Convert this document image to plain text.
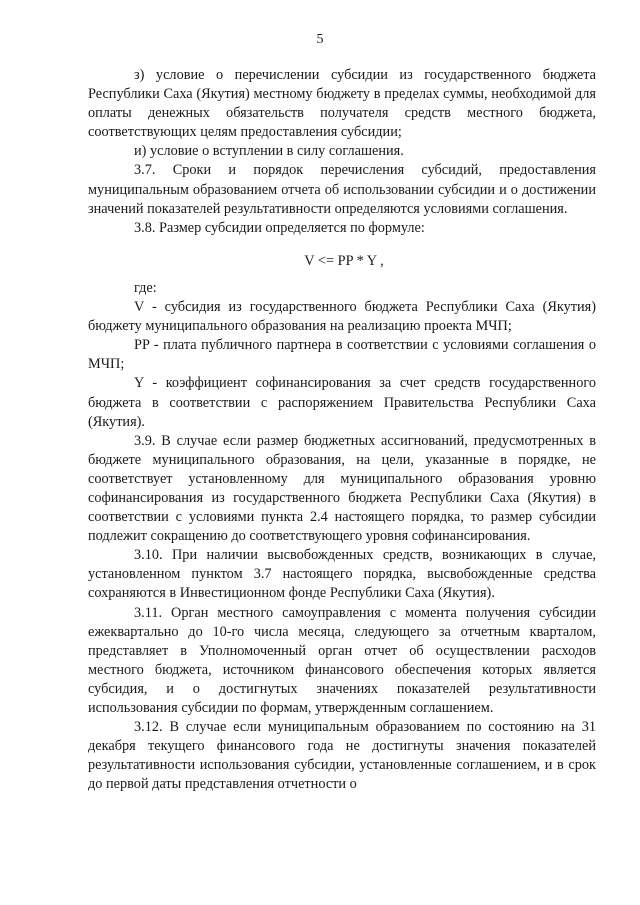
5

з) условие о перечислении субсидии из государственного бюджета Республики Саха (Якутия) местному бюджету в пределах суммы, необходимой для оплаты денежных обязательств получателя средств местного бюджета, соответствующих целям предоставления субсидии;

и) условие о вступлении в силу соглашения.

3.7. Сроки и порядок перечисления субсидий, предоставления муниципальным образованием отчета об использовании субсидии и о достижении значений показателей результативности определяются условиями соглашения.

3.8. Размер субсидии определяется по формуле:

V <= PP * Y ,

где:

V - субсидия из государственного бюджета Республики Саха (Якутия) бюджету муниципального образования на реализацию проекта МЧП;

PP - плата публичного партнера в соответствии с условиями соглашения о МЧП;

Y - коэффициент софинансирования за счет средств государственного бюджета в соответствии с распоряжением Правительства Республики Саха (Якутия).

3.9. В случае если размер бюджетных ассигнований, предусмотренных в бюджете муниципального образования, на цели, указанные в порядке, не соответствует установленному для муниципального образования уровню софинансирования из государственного бюджета Республики Саха (Якутия) в соответствии с условиями пункта 2.4 настоящего порядка, то размер субсидии подлежит сокращению до соответствующего уровня софинансирования.

3.10. При наличии высвобожденных средств, возникающих в случае, установленном пунктом 3.7 настоящего порядка, высвобожденные средства сохраняются в Инвестиционном фонде Республики Саха (Якутия).

3.11. Орган местного самоуправления с момента получения субсидии ежеквартально до 10-го числа месяца, следующего за отчетным кварталом, представляет в Уполномоченный орган отчет об осуществлении расходов местного бюджета, источником финансового обеспечения которых является субсидия, и о достигнутых значениях показателей результативности использования субсидии по формам, утвержденным соглашением.

3.12. В случае если муниципальным образованием по состоянию на 31 декабря текущего финансового года не достигнуты значения показателей результативности использования субсидии, установленные соглашением, и в срок до первой даты представления отчетности о
